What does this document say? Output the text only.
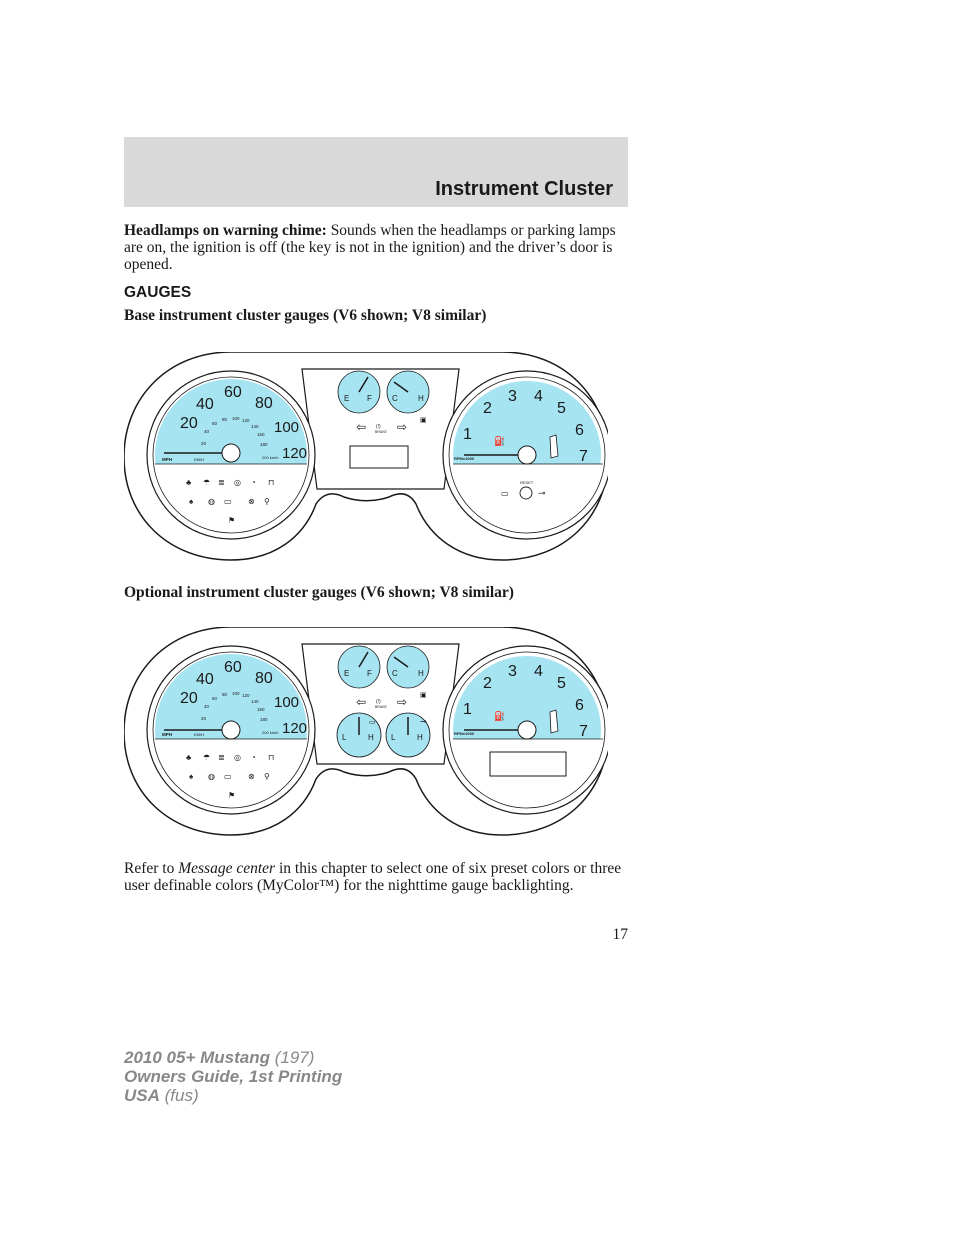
Instrument Cluster
Headlamps on warning chime: Sounds when the headlamps or parking lamps are on, the ignition is off (the key is not in the ignition) and the driver’s door is opened.
GAUGES
Base instrument cluster gauges (V6 shown; V8 similar)
20
40
60
80
100
120
20
40
60
80 100 120
140
160
180
MPH	KM/H	200 km/h
♣ ☂ ≣ ◎ ◔ ⊓
♠ ◍ ▭ ⊗ ⚲
⚑
E F	C	H
⇦ (!)
BRAKE ⇨ ▣
1
2
3 4
5
6
7
⛽
RPMx1000
▭
RESET
⊸
Optional instrument cluster gauges (V6 shown; V8 similar)
20
40
60
80
100
120
20
40
60
80 100 120
140
160
180
MPH	KM/H	200 km/h
♣ ☂ ≣ ◎ ◔ ⊓
♠ ◍ ▭ ⊗ ⚲
⚑
E F	C	H
⇦ (!)
BRAKE ⇨ ▣
L	H
▭
L	H
⊸
1
2
3 4
5
6
7
⛽
RPMx1000
Refer to Message center in this chapter to select one of six preset colors or three user definable colors (MyColor™) for the nighttime gauge backlighting.
17
2010 05+ Mustang (197)
Owners Guide, 1st Printing
USA (fus)
